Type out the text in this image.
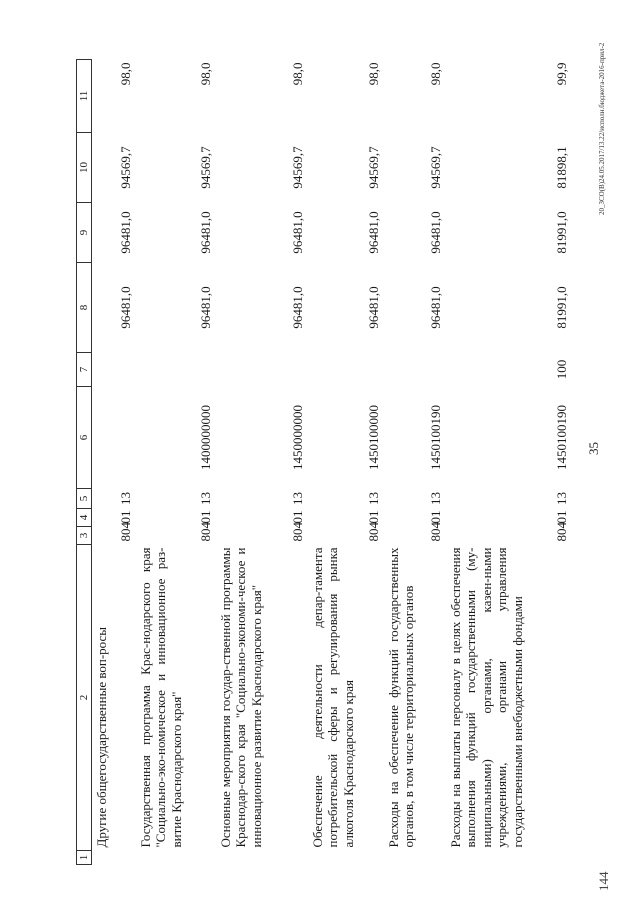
35
144
20_ЗСО(В)24.05.2017/13.22/исполн.бюджета-2016-прил-2
1	2	3	4	5	6	7	8	9	10	11
	Другие общегосударственные воп-росы	804	01	13			96481,0	96481,0	94569,7	98,0
	Государственная программа Крас-нодарского края "Социально-эко-номическое и инновационное раз-витие Краснодарского края"	804	01	13	1400000000		96481,0	96481,0	94569,7	98,0
	Основные мероприятия государ-ственной программы Краснодар-ского края "Социально-экономи-ческое и инновационное развитие Краснодарского края"	804	01	13	1450000000		96481,0	96481,0	94569,7	98,0
	Обеспечение деятельности депар-тамента потребительской сферы и регулирования рынка алкоголя Краснодарского края	804	01	13	1450100000		96481,0	96481,0	94569,7	98,0
	Расходы на обеспечение функций государственных органов, в том числе территориальных органов	804	01	13	1450100190		96481,0	96481,0	94569,7	98,0
	Расходы на выплаты персоналу в целях обеспечения выполнения функций государственными (му-ниципальными) органами, казен-ными учреждениями, органами управления государственными внебюджетными фондами	804	01	13	1450100190	100	81991,0	81991,0	81898,1	99,9
